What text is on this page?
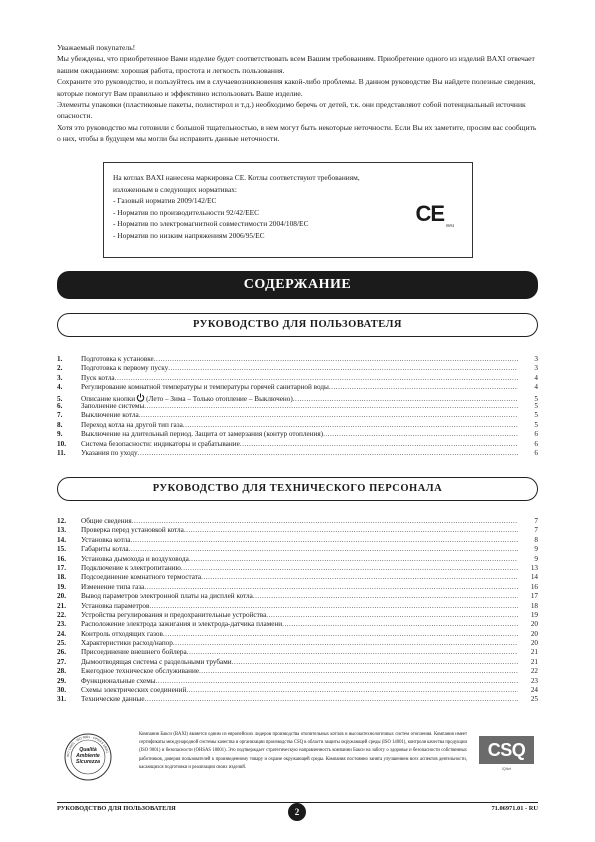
Уважаемый покупатель!

Мы убеждены, что приобретенное Вами изделие будет соответствовать всем Вашим требованиям. Приобретение одного из изделий BAXI отвечает вашим ожиданиям: хорошая работа, простота и легкость пользования.

Сохраните это руководство, и пользуйтесь им в случаевозникновения какой-либо проблемы. В данном руководстве Вы найдете полезные сведения, которые помогут Вам правильно и эффективно использовать Ваше изделие.

Элементы упаковки (пластиковые пакеты, полистирол и т.д.) необходимо беречь от детей, т.к. они представляют собой потенциальный источник опасности.

Хотя это руководство мы готовили с большой тщательностью, в нем могут быть некоторые неточности. Если Вы их заметите, просим вас сообщить о них, чтобы в будущем мы могли бы исправить данные неточности.

На котлах BAXI нанесена маркировка СЕ. Котлы соответствуют требованиям,
изложенным в следующих нормативах:
- Газовый норматив 2009/142/ЕС
- Норматив по производительности 92/42/ЕЕС
- Норматив по электромагнитной совместимости 2004/108/ЕС
- Норматив по низким напряжениям 2006/95/ЕС
CE 0694
СОДЕРЖАНИЕ
РУКОВОДСТВО ДЛЯ ПОЛЬЗОВАТЕЛЯ
1.	Подготовка к установке .....	3
2.	Подготовка к первому пуску .....	3
3.	Пуск котла .....	4
4.	Регулирование комнатной температуры и температуры горячей санитарной воды .....	4
5.	Описание кнопки (Лето – Зима – Только отопление – Выключено) .....	5
6.	Заполнение системы .....	5
7.	Выключение котла .....	5
8.	Переход котла на другой тип газа .....	5
9.	Выключение на длительный период. Защита от замерзания (контур отопления) .....	6
10.	Система безопасности: индикаторы и срабатывание .....	6
11.	Указания по уходу .....	6
РУКОВОДСТВО ДЛЯ ТЕХНИЧЕСКОГО ПЕРСОНАЛА
12.	Общие сведения .....	7
13.	Проверка перед установкой котла .....	7
14.	Установка котла .....	8
15.	Габариты котла .....	9
16.	Установка дымохода и воздуховода .....	9
17.	Подключение к электропитанию .....	13
18.	Подсоединение комнатного термостата .....	14
19.	Изменение типа газа .....	16
20.	Вывод параметров электронной платы на дисплей котла .....	17
21.	Установка параметров .....	18
22.	Устройства регулирования и предохранительные устройства .....	19
23.	Расположение электрода зажигания и электрода-датчика пламени .....	20
24.	Контроль отходящих газов .....	20
25.	Характеристики расход/напор .....	20
26.	Присоединение внешнего бойлера .....	21
27.	Дымоотводящая система с раздельными трубами .....	21
28.	Ежегодное техническое обслуживание .....	22
29.	Функциональные схемы .....	23
30.	Схемы электрических соединений .....	24
31.	Технические данные .....	25
ISO 14001 · ISO 9001 · OHSAS 18001
Qualità
Ambiente
Sicurezza
Компания Бакси (BAXI) является одним из европейских лидеров производства отопительных котлов и высокотехнологичных систем отопления. Компания имеет сертификаты международной системы качества и организации производства CSQ в области защиты окружающей среды (ISO 14001), контроля качества продукции (ISO 9001) и безопасности (OHSAS 18001). Это подтверждает стратегическую направленность компании Бакси на заботу о здоровье и безопасности собственных работников, доверия пользователей к произведенному товару и охране окружающей среды. Компания постоянно занята улучшением всех аспектов деятельности, касающихся подготовки и реализации своих изделий.
CSQ
IQNet
РУКОВОДСТВО ДЛЯ ПОЛЬЗОВАТЕЛЯ	2	71.06971.01 - RU
